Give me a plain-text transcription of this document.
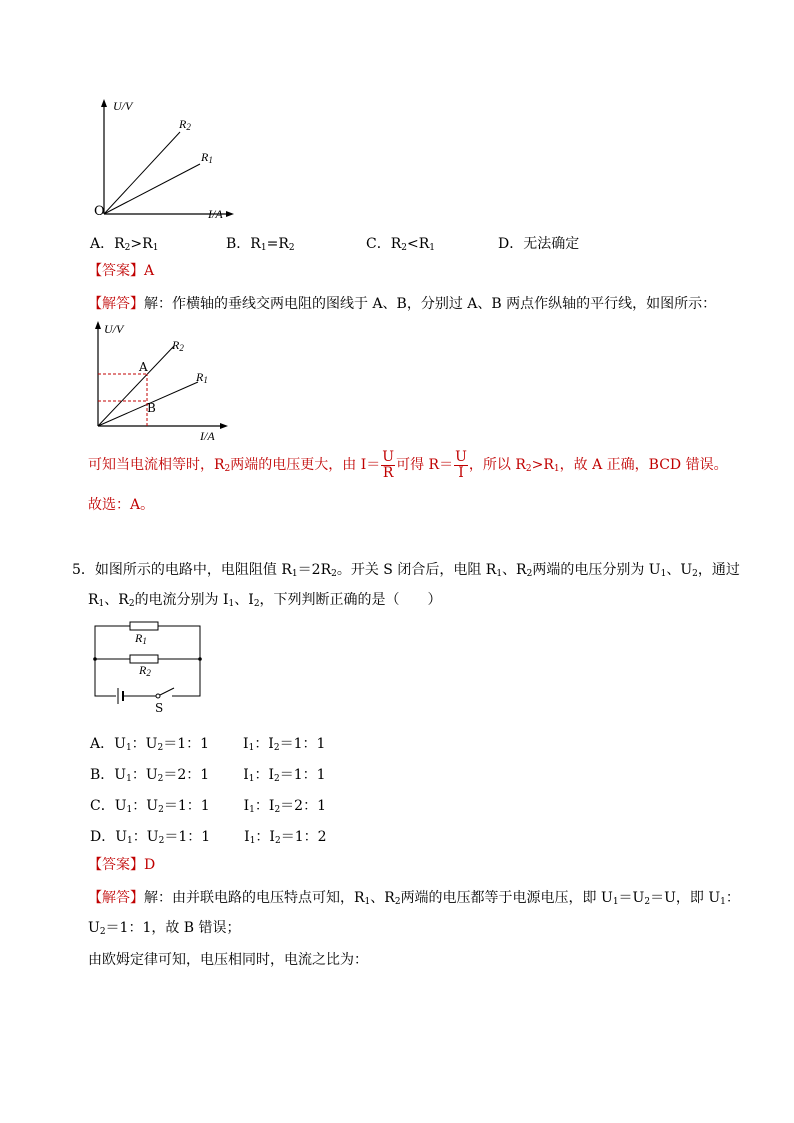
U/V
I/A
O
$R_2$
$R_1$
A．$R_2>R_1$	B．$R_1=R_2$	C．$R_2<R_1$	D．无法确定
【答案】A
【解答】解：作横轴的垂线交两电阻的图线于 A、B，分别过 A、B 两点作纵轴的平行线，如图所示：
U/V
I/A
A
B
$R_2$
$R_1$
可知当电流相等时，$R_2$两端的电压更大，由 $I= \frac{U}{R}$ 可得 $R= \frac{U}{I}$ ，所以 $R_2>R_1$，故 A 正确，BCD 错误。
故选：A。
5．如图所示的电路中，电阻阻值 $R_1=2R_2$。开关 S 闭合后，电阻 $R_1$、$R_2$两端的电压分别为 $U_1$、$U_2$，通过
$R_1$、$R_2$的电流分别为 $I_1$、$I_2$，下列判断正确的是（　　）
$R_1$
$R_2$
S
A．$U_1$：$U_2=1$：1 $I_1$：$I_2=1$：1
B．$U_1$：$U_2=2$：1 $I_1$：$I_2=1$：1
C．$U_1$：$U_2=1$：1 $I_1$：$I_2=2$：1
D．$U_1$：$U_2=1$：1 $I_1$：$I_2=1$：2
【答案】D
【解答】解：由并联电路的电压特点可知，$R_1$、$R_2$两端的电压都等于电源电压，即 $U_1=U_2=U$，即 $U_1$：
$U_2=1$：1，故 B 错误；
由欧姆定律可知，电压相同时，电流之比为：
